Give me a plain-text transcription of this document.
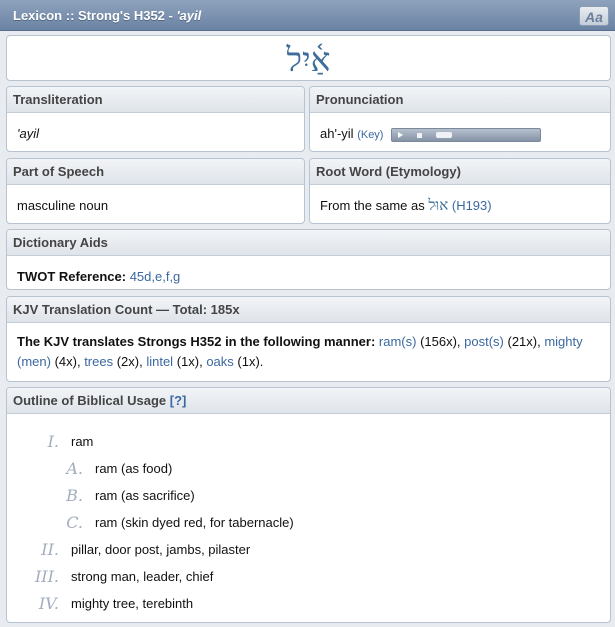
Lexicon :: Strong's H352 - 'ayil	Aa
אַ֫יִל
Transliteration
'ayil
Pronunciation
ah'-yil (Key)
Part of Speech
masculine noun
Root Word (Etymology)
From the same as אוּל (H193)
Dictionary Aids
TWOT Reference: 45d,e,f,g
KJV Translation Count — Total: 185x
The KJV translates Strongs H352 in the following manner: ram(s) (156x), post(s) (21x), mighty (men) (4x), trees (2x), lintel (1x), oaks (1x).
Outline of Biblical Usage [?]
I. ram
A. ram (as food)
B. ram (as sacrifice)
C. ram (skin dyed red, for tabernacle)
II. pillar, door post, jambs, pilaster
III. strong man, leader, chief
IV. mighty tree, terebinth
